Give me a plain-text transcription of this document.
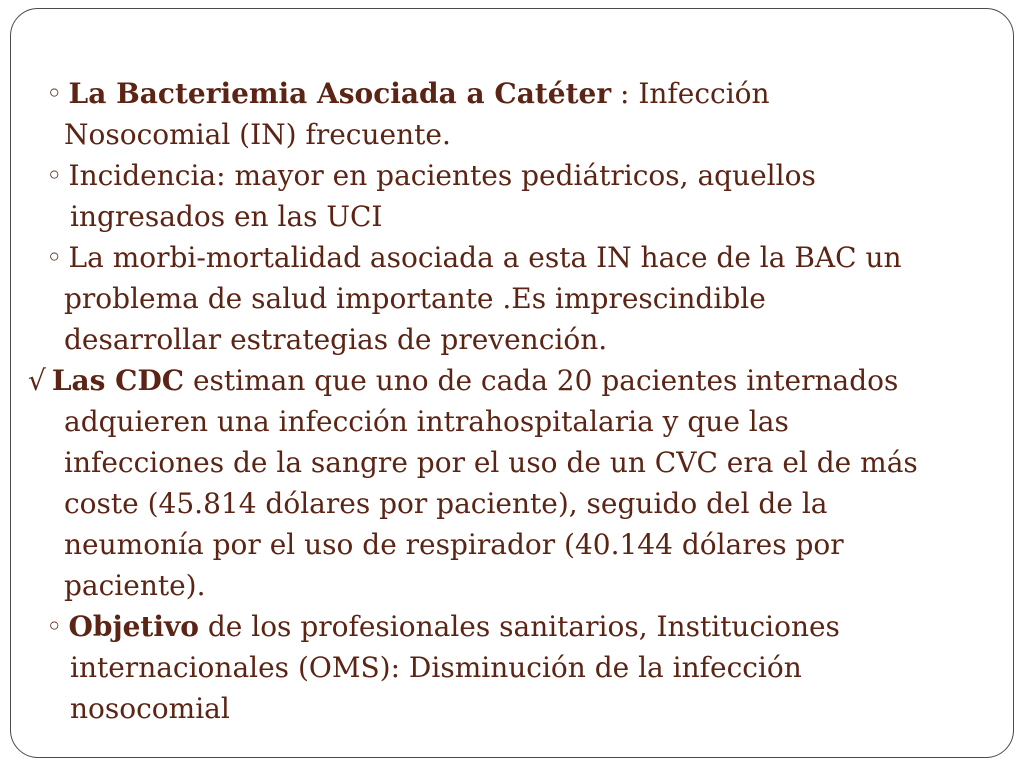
◦ La Bacteriemia Asociada a Catéter : Infección
Nosocomial (IN) frecuente.
◦ Incidencia: mayor en pacientes pediátricos, aquellos
ingresados en las UCI
◦ La morbi-mortalidad asociada a esta IN hace de la BAC un
problema de salud importante .Es imprescindible
desarrollar estrategias de prevención.
√ Las CDC estiman que uno de cada 20 pacientes internados
adquieren una infección intrahospitalaria y que las
infecciones de la sangre por el uso de un CVC era el de más
coste (45.814 dólares por paciente), seguido del de la
neumonía por el uso de respirador (40.144 dólares por
paciente).
◦ Objetivo de los profesionales sanitarios, Instituciones
internacionales (OMS): Disminución de la infección
nosocomial
